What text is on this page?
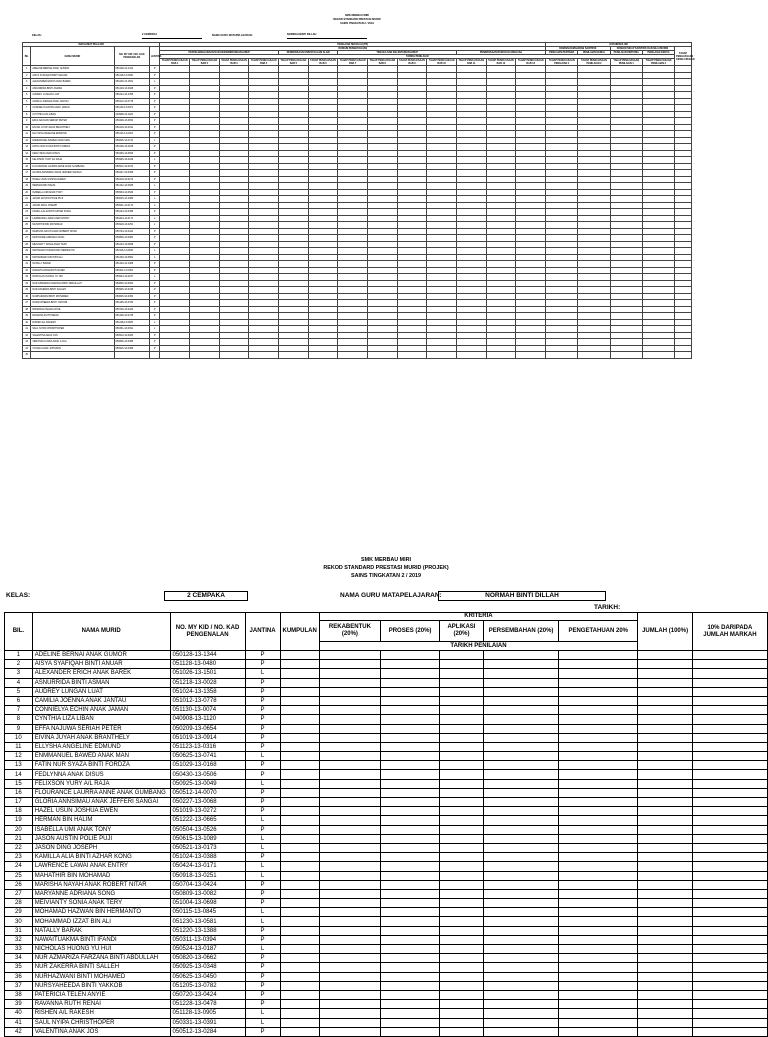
SMK MERBAU MIRI
REKOD STANDARD PRESTASI MURID
SAINS TINGKATAN 2 / 2019
KELAS:	2 CEMPAKA	NAMA GURU MATAPELAJARAN:	NORMAH BINTI DILLAH
MAKLUMAT PELAJAR				PENILAIAN SEKOLAH (PS)													KOKURIKULUM				
BIL	NAMA MURID	NO. MY KID / NO. KAD PENGENALAN	JANTINA	DOMAIN PENGETAHUAN													DOMAIN KEMAHIRAN SAINTIFIK		DOMAIN SIKAP SAINTIFIK DAN NILAI MURNI		TAHAP PENGUASAAN KESELURUHAN
				PENYELENGGARAAN DAN KESINAMBUNGAN HIDUP				PENEROKAAN UNSUR DALAM ALAM		TENAGA DAN KELESTARIAN HIDUP				PENEROKAAN BUMI DAN ANGKASA			PENILAIAN PERTAMA	PENILAIAN KEDUA	PENILAIAN PERTAMA	PENILAIAN KEDUA	
				TARIKH PENILAIAN																	
				TAHAP PENGUASAAN BAB 1	TAHAP PENGUASAAN BAB 2	TAHAP PENGUASAAN BAB 3	TAHAP PENGUASAAN BAB 4	TAHAP PENGUASAAN BAB 5	TAHAP PENGUASAAN BAB 6	TAHAP PENGUASAAN BAB 7	TAHAP PENGUASAAN BAB 8	TAHAP PENGUASAAN BAB 9	TAHAP PENGUASAAN BAB 10	TAHAP PENGUASAAN BAB 11	TAHAP PENGUASAAN BAB 12	TAHAP PENGUASAAN BAB 13	TAHAP PENGUASAAN PENILAIAN 1	TAHAP PENGUASAAN PENILAIAN 2	TAHAP PENGUASAAN PENILAIAN 1	TAHAP PENGUASAAN PENILAIAN 2	
1	ADELINE BERNAI ANAK GUMOR	050128-13-1344	P																		
2	AISYA SYAFIQAH BINTI ANUAR	051128-13-0480	P																		
3	ALEXANDER ERICH ANAK BAREK	051026-13-1501	L																		
4	ASNURRIDA BINTI ASMAN	051218-13-0028	P																		
5	AUDREY LUNGAN LUAT	051024-13-1358	P																		
6	CAMILIA JOENNA ANAK JANTAU	051012-13-0778	P																		
7	CONNIELYA ECHIN ANAK JAMAN	051130-13-0074	P																		
8	CYNTHIA LIZA LIBAN	040908-13-1120	P																		
9	EFFA NAJUWA SERIAH PETER	050209-13-0654	P																		
10	EIVINA JUYAH ANAK BRANTHELY	051019-13-0914	P																		
11	ELLYSHA ANGELINE EDMUND	051123-13-0316	P																		
12	ENMMANUEL BAWED ANAK MAN	050625-13-0741	L																		
13	FATIN NUR SYAZA BINTI FORDZA	051029-13-0168	P																		
14	FEDLYNNA ANAK DISUS	050430-13-0506	P																		
15	FELIXSON YURY A/L RAJA	050925-13-0049	L																		
16	FLOURANCE LAURRA ANNE ANAK GUMBANG	050512-14-0070	P																		
17	GLORIA ANNSIMAU ANAK JEFFERI SANGAI	050227-13-0068	P																		
18	HAZEL USUN JOSHUA EWEN	051019-13-0272	P																		
19	HERMAN BIN HALIM	051222-13-0665	L																		
20	ISABELLA UMI ANAK TONY	050504-13-0526	P																		
21	JASON AUSTIN POLIE PUJI	050615-13-1089	L																		
22	JASON DING JOSEPH	050521-13-0173	L																		
23	KAMILLA ALIA BINTI AZHAR KONG	051024-13-0388	P																		
24	LAWRENCE LAWAI ANAK ENTRY	050424-13-0171	L																		
25	MAHATHIR BIN MOHAMAD	050918-13-0251	L																		
26	MARISHA NAYAH ANAK ROBERT NITAR	050704-13-0424	P																		
27	MARYANNE ADRIANA SONG	050809-13-0082	P																		
28	MEIVIANTY SONIA ANAK TERY	051004-13-0698	P																		
29	MOHAMAD HAZWAN BIN HERMANTO	050115-13-0845	L																		
30	MOHAMMAD IZZAT BIN ALI	051230-13-0581	L																		
31	NATALLY BARAK	051220-13-1388	P																		
32	NAWAITUAKMA BINTI IFANDI	050311-13-0394	P																		
33	NICHOLAS HUONG YU HUI	050524-13-0187	L																		
34	NUR AZMARIZA FARZANA BINTI ABDULLAH	050820-13-0662	P																		
35	NUR ZAKERRA BINTI SALLEH	050925-13-0348	P																		
36	NURHAZWANI BINTI MOHAMED	050625-13-0450	P																		
37	NURSYAHEEDA BINTI YAKKOB	051205-13-0782	P																		
38	PATERICIA TELEN ANYIE	050720-13-0424	P																		
39	RAVANNA RUTH RENAI	051228-13-0478	P																		
40	RISHEN A/L RAKESH	051128-13-0905	L																		
41	SAUL NYIPA CHRISTHOPER	050331-13-0391	L																		
42	VALENTINA ANAK JOS	050512-13-0284	P																		
43	VERONICA LINDA ANAK A JILA	050806-13-0388	P																		
44	VIVIANA ANAK JOHNSON	050915-13-0388	P																		
45																					
SMK MERBAU MIRI
REKOD STANDARD PRESTASI MURID (PROJEK)
SAINS TINGKATAN 2 / 2019
KELAS:	2 CEMPAKA	NAMA GURU MATAPELAJARAN:	NORMAH BINTI DILLAH
TARIKH:
BIL.	NAMA MURID	NO. MY KID / NO. KAD PENGENALAN	JANTINA	KUMPULAN	KRITERIA					JUMLAH (100%)	10% DARIPADA JUMLAH MARKAH
					REKABENTUK (20%)	PROSES (20%)	APLIKASI (20%)	PERSEMBAHAN (20%)	PENGETAHUAN 20%		
					TARIKH PENILAIAN						
1	ADELINE BERNAI ANAK GUMOR	050128-13-1344	P								
2	AISYA SYAFIQAH BINTI ANUAR	051128-13-0480	P								
3	ALEXANDER ERICH ANAK BAREK	051026-13-1501	L								
4	ASNURRIDA BINTI ASMAN	051218-13-0028	P								
5	AUDREY LUNGAN LUAT	051024-13-1358	P								
6	CAMILIA JOENNA ANAK JANTAU	051012-13-0778	P								
7	CONNIELYA ECHIN ANAK JAMAN	051130-13-0074	P								
8	CYNTHIA LIZA LIBAN	040908-13-1120	P								
9	EFFA NAJUWA SERIAH PETER	050209-13-0654	P								
10	EIVINA JUYAH ANAK BRANTHELY	051019-13-0914	P								
11	ELLYSHA ANGELINE EDMUND	051123-13-0316	P								
12	ENMMANUEL BAWED ANAK MAN	050625-13-0741	L								
13	FATIN NUR SYAZA BINTI FORDZA	051029-13-0168	P								
14	FEDLYNNA ANAK DISUS	050430-13-0506	P								
15	FELIXSON YURY A/L RAJA	050925-13-0049	L								
16	FLOURANCE LAURRA ANNE ANAK GUMBANG	050512-14-0070	P								
17	GLORIA ANNSIMAU ANAK JEFFERI SANGAI	050227-13-0068	P								
18	HAZEL USUN JOSHUA EWEN	051019-13-0272	P								
19	HERMAN BIN HALIM	051222-13-0665	L								
20	ISABELLA UMI ANAK TONY	050504-13-0526	P								
21	JASON AUSTIN POLIE PUJI	050615-13-1089	L								
22	JASON DING JOSEPH	050521-13-0173	L								
23	KAMILLA ALIA BINTI AZHAR KONG	051024-13-0388	P								
24	LAWRENCE LAWAI ANAK ENTRY	050424-13-0171	L								
25	MAHATHIR BIN MOHAMAD	050918-13-0251	L								
26	MARISHA NAYAH ANAK ROBERT NITAR	050704-13-0424	P								
27	MARYANNE ADRIANA SONG	050809-13-0082	P								
28	MEIVIANTY SONIA ANAK TERY	051004-13-0698	P								
29	MOHAMAD HAZWAN BIN HERMANTO	050115-13-0845	L								
30	MOHAMMAD IZZAT BIN ALI	051230-13-0581	L								
31	NATALLY BARAK	051220-13-1388	P								
32	NAWAITUAKMA BINTI IFANDI	050311-13-0394	P								
33	NICHOLAS HUONG YU HUI	050524-13-0187	L								
34	NUR AZMARIZA FARZANA BINTI ABDULLAH	050820-13-0662	P								
35	NUR ZAKERRA BINTI SALLEH	050925-13-0348	P								
36	NURHAZWANI BINTI MOHAMED	050625-13-0450	P								
37	NURSYAHEEDA BINTI YAKKOB	051205-13-0782	P								
38	PATERICIA TELEN ANYIE	050720-13-0424	P								
39	RAVANNA RUTH RENAI	051228-13-0478	P								
40	RISHEN A/L RAKESH	051128-13-0905	L								
41	SAUL NYIPA CHRISTHOPER	050331-13-0391	L								
42	VALENTINA ANAK JOS	050512-13-0284	P								
